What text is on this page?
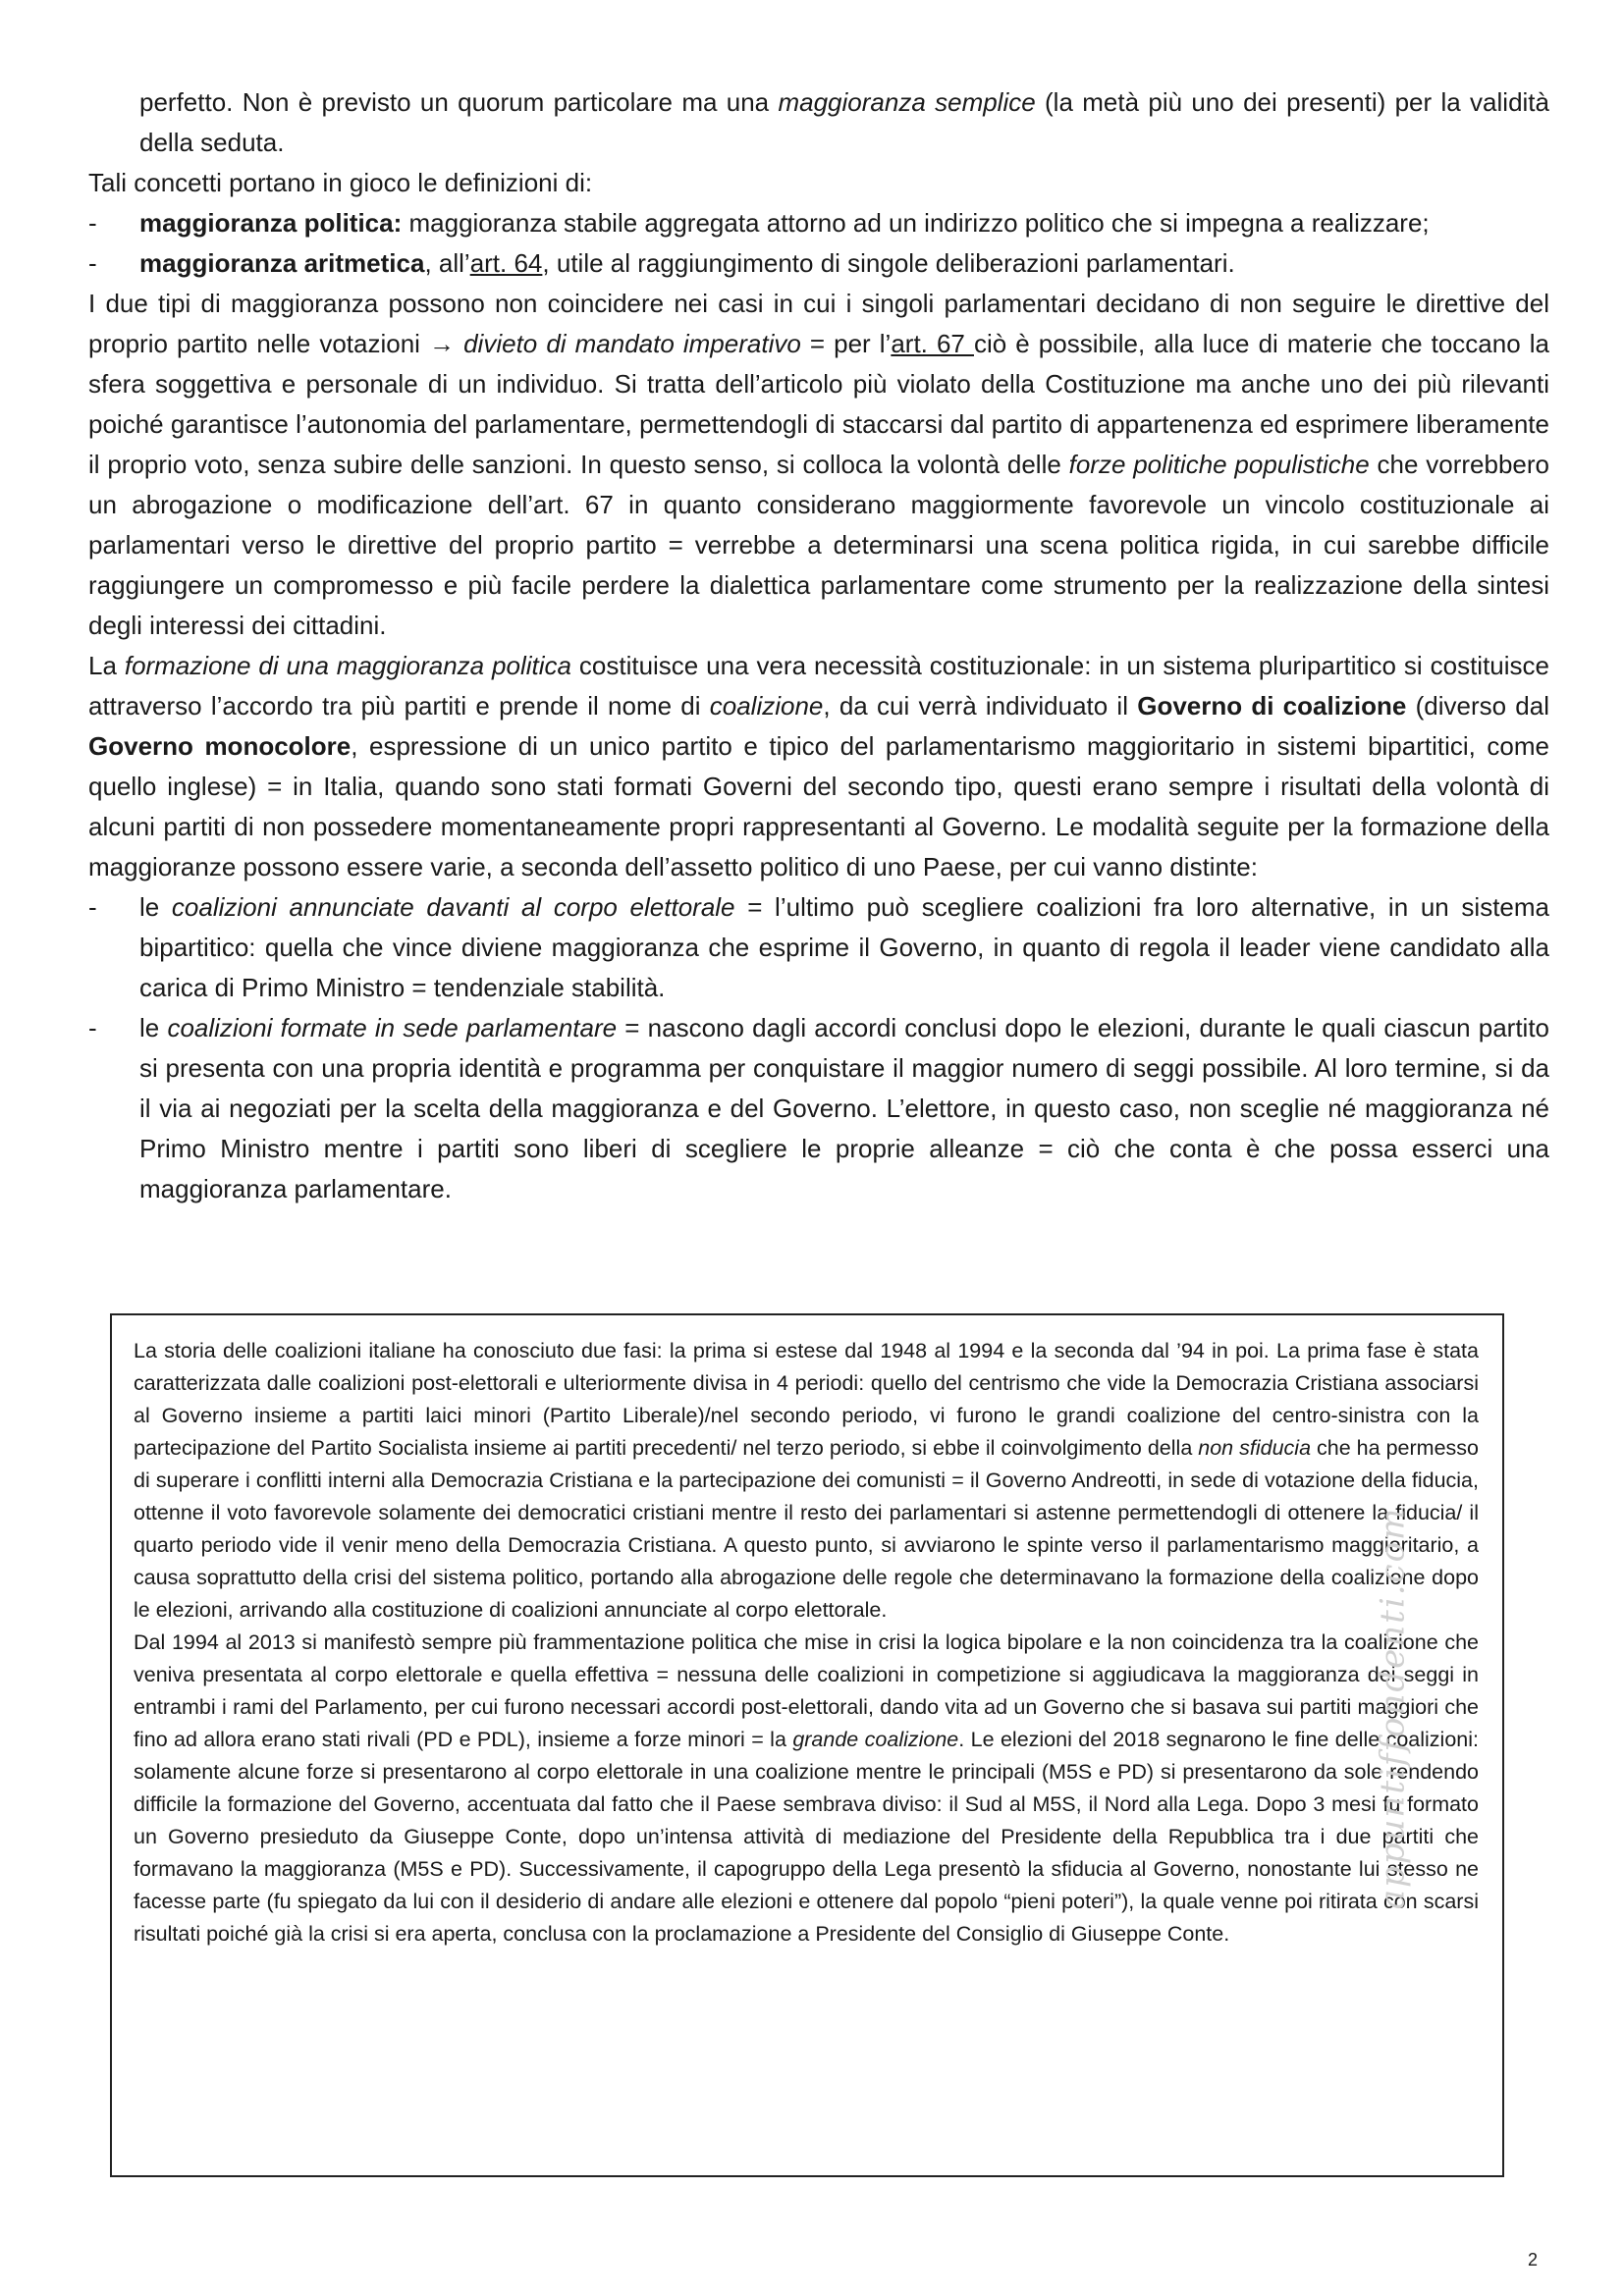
perfetto. Non è previsto un quorum particolare ma una maggioranza semplice (la metà più uno dei presenti) per la validità della seduta.

Tali concetti portano in gioco le definizioni di:

- maggioranza politica: maggioranza stabile aggregata attorno ad un indirizzo politico che si impegna a realizzare;

- maggioranza aritmetica, all’art. 64, utile al raggiungimento di singole deliberazioni parlamentari.

I due tipi di maggioranza possono non coincidere nei casi in cui i singoli parlamentari decidano di non seguire le direttive del proprio partito nelle votazioni → divieto di mandato imperativo = per l’art. 67 ciò è possibile, alla luce di materie che toccano la sfera soggettiva e personale di un individuo. Si tratta dell’articolo più violato della Costituzione ma anche uno dei più rilevanti poiché garantisce l’autonomia del parlamentare, permettendogli di staccarsi dal partito di appartenenza ed esprimere liberamente il proprio voto, senza subire delle sanzioni. In questo senso, si colloca la volontà delle forze politiche populistiche che vorrebbero un abrogazione o modificazione dell’art. 67 in quanto considerano maggiormente favorevole un vincolo costituzionale ai parlamentari verso le direttive del proprio partito = verrebbe a determinarsi una scena politica rigida, in cui sarebbe difficile raggiungere un compromesso e più facile perdere la dialettica parlamentare come strumento per la realizzazione della sintesi degli interessi dei cittadini.

La formazione di una maggioranza politica costituisce una vera necessità costituzionale: in un sistema pluripartitico si costituisce attraverso l’accordo tra più partiti e prende il nome di coalizione, da cui verrà individuato il Governo di coalizione (diverso dal Governo monocolore, espressione di un unico partito e tipico del parlamentarismo maggioritario in sistemi bipartitici, come quello inglese) = in Italia, quando sono stati formati Governi del secondo tipo, questi erano sempre i risultati della volontà di alcuni partiti di non possedere momentaneamente propri rappresentanti al Governo. Le modalità seguite per la formazione della maggioranze possono essere varie, a seconda dell’assetto politico di uno Paese, per cui vanno distinte:

- le coalizioni annunciate davanti al corpo elettorale = l’ultimo può scegliere coalizioni fra loro alternative, in un sistema bipartitico: quella che vince diviene maggioranza che esprime il Governo, in quanto di regola il leader viene candidato alla carica di Primo Ministro = tendenziale stabilità.

- le coalizioni formate in sede parlamentare = nascono dagli accordi conclusi dopo le elezioni, durante le quali ciascun partito si presenta con una propria identità e programma per conquistare il maggior numero di seggi possibile. Al loro termine, si da il via ai negoziati per la scelta della maggioranza e del Governo. L’elettore, in questo caso, non sceglie né maggioranza né Primo Ministro mentre i partiti sono liberi di scegliere le proprie alleanze = ciò che conta è che possa esserci una maggioranza parlamentare.

La storia delle coalizioni italiane ha conosciuto due fasi: la prima si estese dal 1948 al 1994 e la seconda dal ’94 in poi. La prima fase è stata caratterizzata dalle coalizioni post-elettorali e ulteriormente divisa in 4 periodi: quello del centrismo che vide la Democrazia Cristiana associarsi al Governo insieme a partiti laici minori (Partito Liberale)/nel secondo periodo, vi furono le grandi coalizione del centro-sinistra con la partecipazione del Partito Socialista insieme ai partiti precedenti/ nel terzo periodo, si ebbe il coinvolgimento della non sfiducia che ha permesso di superare i conflitti interni alla Democrazia Cristiana e la partecipazione dei comunisti = il Governo Andreotti, in sede di votazione della fiducia, ottenne il voto favorevole solamente dei democratici cristiani mentre il resto dei parlamentari si astenne permettendogli di ottenere la fiducia/ il quarto periodo vide il venir meno della Democrazia Cristiana. A questo punto, si avviarono le spinte verso il parlamentarismo maggioritario, a causa soprattutto della crisi del sistema politico, portando alla abrogazione delle regole che determinavano la formazione della coalizione dopo le elezioni, arrivando alla costituzione di coalizioni annunciate al corpo elettorale.

Dal 1994 al 2013 si manifestò sempre più frammentazione politica che mise in crisi la logica bipolare e la non coincidenza tra la coalizione che veniva presentata al corpo elettorale e quella effettiva = nessuna delle coalizioni in competizione si aggiudicava la maggioranza dei seggi in entrambi i rami del Parlamento, per cui furono necessari accordi post-elettorali, dando vita ad un Governo che si basava sui partiti maggiori che fino ad allora erano stati rivali (PD e PDL), insieme a forze minori = la grande coalizione. Le elezioni del 2018 segnarono le fine delle coalizioni: solamente alcune forze si presentarono al corpo elettorale in una coalizione mentre le principali (M5S e PD) si presentarono da sole rendendo difficile la formazione del Governo, accentuata dal fatto che il Paese sembrava diviso: il Sud al M5S, il Nord alla Lega. Dopo 3 mesi fu formato un Governo presieduto da Giuseppe Conte, dopo un’intensa attività di mediazione del Presidente della Repubblica tra i due partiti che formavano la maggioranza (M5S e PD). Successivamente, il capogruppo della Lega presentò la sfiducia al Governo, nonostante lui stesso ne facesse parte (fu spiegato da lui con il desiderio di andare alle elezioni e ottenere dal popolo “pieni poteri”), la quale venne poi ritirata con scarsi risultati poiché già la crisi si era aperta, conclusa con la proclamazione a Presidente del Consiglio di Giuseppe Conte.

appuntiffondenti.com
2
